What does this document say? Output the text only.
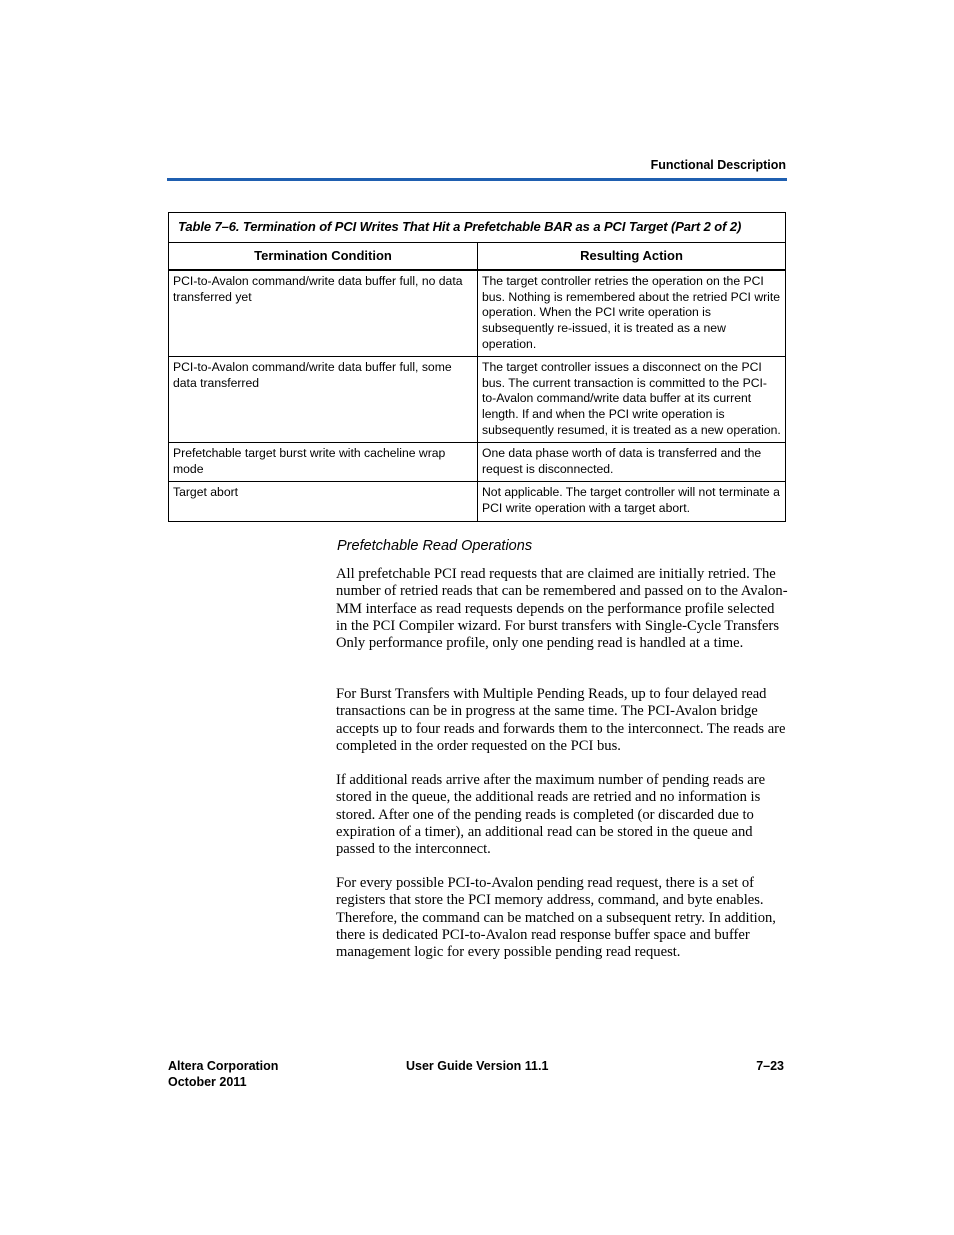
Functional Description
Table 7–6. Termination of PCI Writes That Hit a Prefetchable BAR as a PCI Target (Part 2 of 2)	
Termination Condition	Resulting Action
PCI-to-Avalon command/write data buffer full, no data transferred yet	The target controller retries the operation on the PCI bus. Nothing is remembered about the retried PCI write operation. When the PCI write operation is subsequently re-issued, it is treated as a new operation.
PCI-to-Avalon command/write data buffer full, some data transferred	The target controller issues a disconnect on the PCI bus. The current transaction is committed to the PCI-to-Avalon command/write data buffer at its current length. If and when the PCI write operation is subsequently resumed, it is treated as a new operation.
Prefetchable target burst write with cacheline wrap mode	One data phase worth of data is transferred and the request is disconnected.
Target abort	Not applicable. The target controller will not terminate a PCI write operation with a target abort.
Prefetchable Read Operations

All prefetchable PCI read requests that are claimed are initially retried. The number of retried reads that can be remembered and passed on to the Avalon-MM interface as read requests depends on the performance profile selected in the PCI Compiler wizard. For burst transfers with Single-Cycle Transfers Only performance profile, only one pending read is handled at a time.

For Burst Transfers with Multiple Pending Reads, up to four delayed read transactions can be in progress at the same time. The PCI-Avalon bridge accepts up to four reads and forwards them to the interconnect. The reads are completed in the order requested on the PCI bus.

If additional reads arrive after the maximum number of pending reads are stored in the queue, the additional reads are retried and no information is stored. After one of the pending reads is completed (or discarded due to expiration of a timer), an additional read can be stored in the queue and passed to the interconnect.

For every possible PCI-to-Avalon pending read request, there is a set of registers that store the PCI memory address, command, and byte enables. Therefore, the command can be matched on a subsequent retry. In addition, there is dedicated PCI-to-Avalon read response buffer space and buffer management logic for every possible pending read request.

Altera Corporation
October 2011
User Guide Version 11.1	7–23
